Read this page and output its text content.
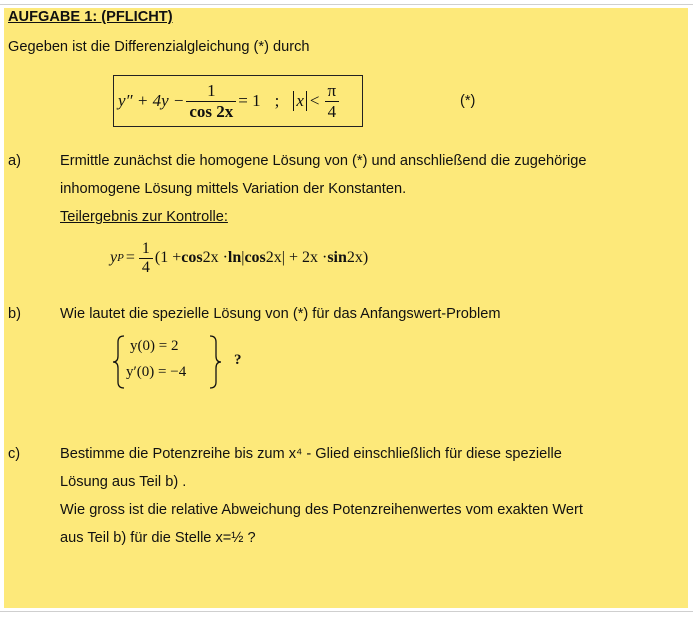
AUFGABE 1: (PFLICHT)
Gegeben ist die Differenzialgleichung (*) durch
$y'' + 4y - \frac{1}{\cos 2x} = 1$ ; $x < \frac{\pi}{4}$	(*)
a)	Ermittle zunächst die homogene Lösung von (*) und anschließend die zugehörige
inhomogene Lösung mittels Variation der Konstanten.
Teilergebnis zur Kontrolle:
y $P = \frac{1}{4} (1 + \cos 2x \cdot \ln$ | cos 2x| + 2x · sin 2x)
b)	Wie lautet die spezielle Lösung von (*) für das Anfangswert-Problem
y(0) = 2
y′(0) = −4
?
c)	Bestimme die Potenzreihe bis zum x⁴ - Glied einschließlich für diese spezielle
Lösung aus Teil b) .
Wie gross ist die relative Abweichung des Potenzreihenwertes vom exakten Wert
aus Teil b) für die Stelle x=½ ?
